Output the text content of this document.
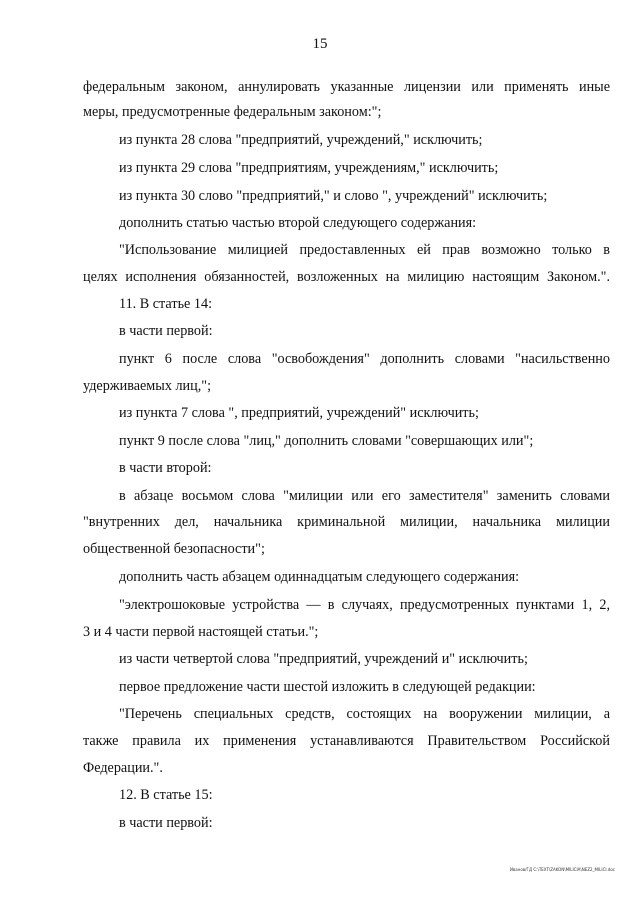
15
федеральным законом, аннулировать указанные лицензии или применять иные
меры, предусмотренные федеральным законом:";
из пункта 28 слова "предприятий, учреждений," исключить;
из пункта 29 слова "предприятиям, учреждениям," исключить;
из пункта 30 слово "предприятий," и слово ", учреждений" исключить;
дополнить статью частью второй следующего содержания:
"Использование милицией предоставленных ей прав возможно только в
целях исполнения обязанностей, возложенных на милицию настоящим Законом.".
11. В статье 14:
в части первой:
пункт 6 после слова "освобождения" дополнить словами "насильственно
удерживаемых лиц,";
из пункта 7 слова ", предприятий, учреждений" исключить;
пункт 9 после слова "лиц," дополнить словами "совершающих или";
в части второй:
в абзаце восьмом слова "милиции или его заместителя" заменить словами
"внутренних дел, начальника криминальной милиции, начальника милиции
общественной безопасности";
дополнить часть абзацем одиннадцатым следующего содержания:
"электрошоковые устройства — в случаях, предусмотренных пунктами 1, 2,
3 и 4 части первой настоящей статьи.";
из части четвертой слова "предприятий, учреждений и" исключить;
первое предложение части шестой изложить в следующей редакции:
"Перечень специальных средств, состоящих на вооружении милиции, а
также правила их применения устанавливаются Правительством Российской
Федерации.".
12. В статье 15:
в части первой:
Иванов/ГД C:\TEXT\ZAKON\MILICIA\NEZ2_MILICI.doc
